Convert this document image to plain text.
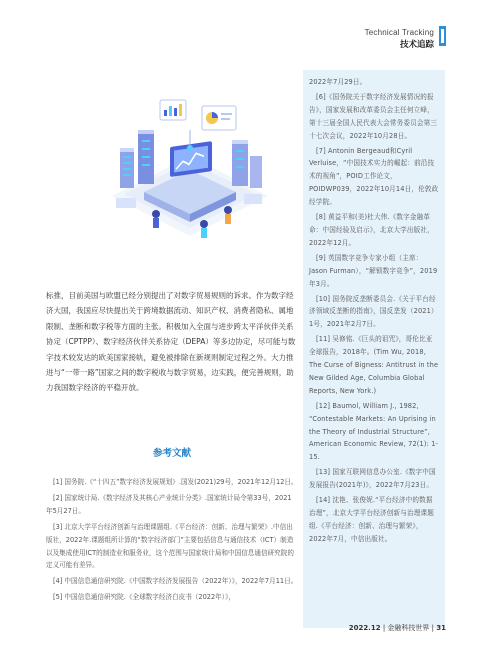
Technical Tracking
技术追踪

标推，目前美国与欧盟已经分别提出了对数字贸易规则的诉求。作为数字经济大国，我国应尽快提出关于跨境数据流动、知识产权、消费者隐私、属地限制、垄断和数字税等方面的主张。积极加入全面与进步跨太平洋伙伴关系协定（CPTPP）、数字经济伙伴关系协定（DEPA）等多边协定，尽可能与数字技术较发达的欧美国家接轨，避免被排除在新规则制定过程之外。大力推进与“一带一路”国家之间的数字税收与数字贸易，边实践，便完善规则，助力我国数字经济的平稳开放。

参考文献

[1] 国务院.《“十四五”数字经济发展规划》.国发(2021)29号，2021年12月12日。

[2] 国家统计局.《数字经济及其核心产业统计分类》.国家统计局令第33号，2021年5月27日。

[3] 北京大学平台经济创新与治理课题组.《平台经济：创新、治理与繁荣》.中信出版社，2022年.课题组所计算的“数字经济部门”主要包括信息与通信技术（ICT）制造以及集成使用ICT的制造业和服务业，这个范围与国家统计局和中国信息通信研究院的定义可能有差异。

[4] 中国信息通信研究院.《中国数字经济发展报告（2022年）》，2022年7月11日。

[5] 中国信息通信研究院.《全球数字经济白皮书（2022年）》，

2022年7月29日。

[6]《国务院关于数字经济发展情况的报告》，国家发展和改革委员会主任何立峰，第十三届全国人民代表大会常务委员会第三十七次会议，2022年10月28日。

[7] Antonin Bergeaud和Cyril Verluise，“中国技术实力的崛起：前沿技术的视角”，POID工作论文，POIDWP039，2022年10月14日，伦敦政经学院。

[8] 黄益平和(美)杜大伟.《数字金融革命：中国经验及启示》，北京大学出版社，2022年12月。

[9] 英国数字竞争专家小组（主席：Jason Furman），“解锁数字竞争”，2019年3月。

[10] 国务院反垄断委员会.《关于平台经济领域反垄断的指南》，国反垄发（2021）1号，2021年2月7日。

[11] 吴修铭.《巨头的诅咒》，哥伦比亚全球报告，2018年。(Tim Wu, 2018, The Curse of Bigness: Antitrust in the New Gilded Age, Columbia Global Reports, New York.)

[12] Baumol, William J., 1982, “Contestable Markets: An Uprising in the Theory of Industrial Structure”, American Economic Review, 72(1): 1-15.

[13] 国家互联网信息办公室.《数字中国发展报告(2021年)》，2022年7月23日。

[14] 沈艳、张俊妮.“平台经济中的数据治理”，北京大学平台经济创新与治理课题组.《平台经济：创新、治理与繁荣》，2022年7月，中信出版社。

2022.12 | 金融科技世界 | 31
